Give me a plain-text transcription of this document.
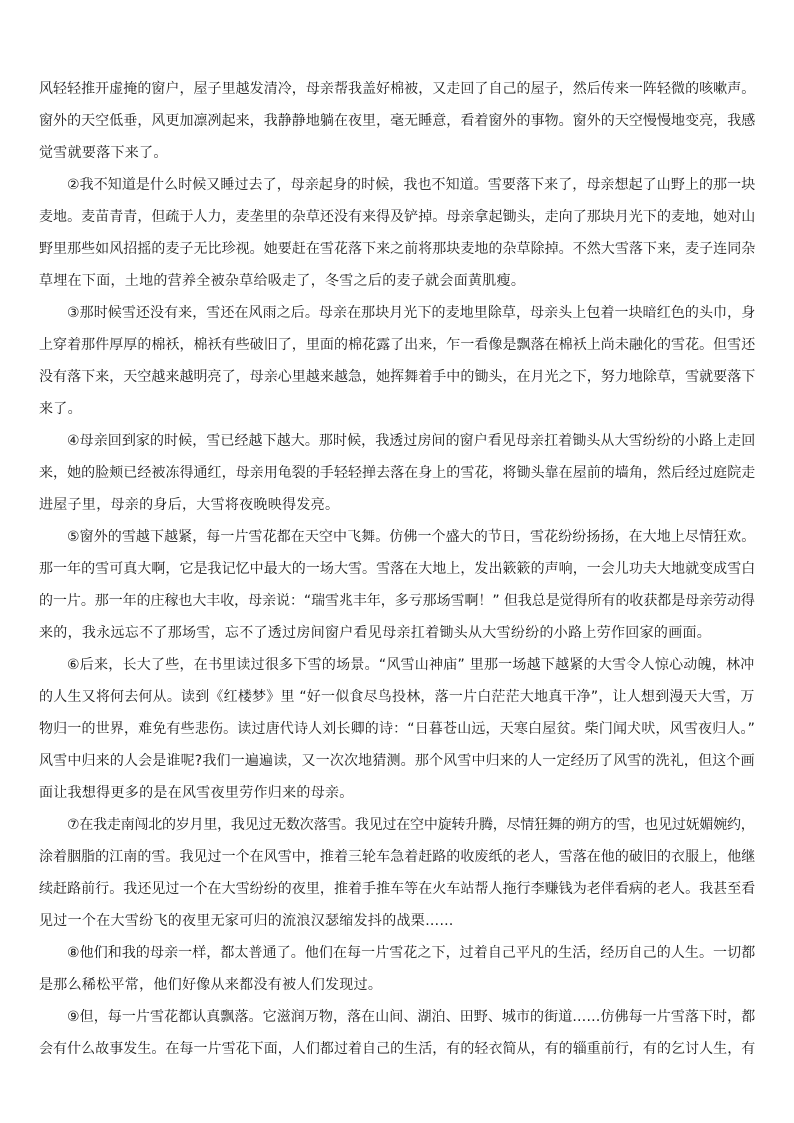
风轻轻推开虚掩的窗户，屋子里越发清冷，母亲帮我盖好棉被，又走回了自己的屋子，然后传来一阵轻微的咳嗽声。
窗外的天空低垂，风更加凛冽起来，我静静地躺在夜里，毫无睡意，看着窗外的事物。窗外的天空慢慢地变亮，我感
觉雪就要落下来了。
②我不知道是什么时候又睡过去了，母亲起身的时候，我也不知道。雪要落下来了，母亲想起了山野上的那一块
麦地。麦苗青青，但疏于人力，麦垄里的杂草还没有来得及铲掉。母亲拿起锄头，走向了那块月光下的麦地，她对山
野里那些如风招摇的麦子无比珍视。她要赶在雪花落下来之前将那块麦地的杂草除掉。不然大雪落下来，麦子连同杂
草埋在下面，土地的营养全被杂草给吸走了，冬雪之后的麦子就会面黄肌瘦。
③那时候雪还没有来，雪还在风雨之后。母亲在那块月光下的麦地里除草，母亲头上包着一块暗红色的头巾，身
上穿着那件厚厚的棉袄，棉袄有些破旧了，里面的棉花露了出来，乍一看像是飘落在棉袄上尚未融化的雪花。但雪还
没有落下来，天空越来越明亮了，母亲心里越来越急，她挥舞着手中的锄头，在月光之下，努力地除草，雪就要落下
来了。
④母亲回到家的时候，雪已经越下越大。那时候，我透过房间的窗户看见母亲扛着锄头从大雪纷纷的小路上走回
来，她的脸颊已经被冻得通红，母亲用龟裂的手轻轻掸去落在身上的雪花，将锄头靠在屋前的墙角，然后经过庭院走
进屋子里，母亲的身后，大雪将夜晚映得发亮。
⑤窗外的雪越下越紧，每一片雪花都在天空中飞舞。仿佛一个盛大的节日，雪花纷纷扬扬，在大地上尽情狂欢。
那一年的雪可真大啊，它是我记忆中最大的一场大雪。雪落在大地上，发出簌簌的声响，一会儿功夫大地就变成雪白
的一片。那一年的庄稼也大丰收，母亲说：“瑞雪兆丰年，多亏那场雪啊！” 但我总是觉得所有的收获都是母亲劳动得
来的，我永远忘不了那场雪，忘不了透过房间窗户看见母亲扛着锄头从大雪纷纷的小路上劳作回家的画面。
⑥后来，长大了些，在书里读过很多下雪的场景。“风雪山神庙” 里那一场越下越紧的大雪令人惊心动魄，林冲
的人生又将何去何从。读到《红楼梦》里 “好一似食尽鸟投林，落一片白茫茫大地真干净”，让人想到漫天大雪，万
物归一的世界，难免有些悲伤。读过唐代诗人刘长卿的诗：“日暮苍山远，天寒白屋贫。柴门闻犬吠，风雪夜归人。”
风雪中归来的人会是谁呢?我们一遍遍读，又一次次地猜测。那个风雪中归来的人一定经历了风雪的洗礼，但这个画
面让我想得更多的是在风雪夜里劳作归来的母亲。
⑦在我走南闯北的岁月里，我见过无数次落雪。我见过在空中旋转升腾，尽情狂舞的朔方的雪，也见过妩媚婉约，
涂着胭脂的江南的雪。我见过一个在风雪中，推着三轮车急着赶路的收废纸的老人，雪落在他的破旧的衣服上，他继
续赶路前行。我还见过一个在大雪纷纷的夜里，推着手推车等在火车站帮人拖行李赚钱为老伴看病的老人。我甚至看
见过一个在大雪纷飞的夜里无家可归的流浪汉瑟缩发抖的战栗……
⑧他们和我的母亲一样，都太普通了。他们在每一片雪花之下，过着自己平凡的生活，经历自己的人生。一切都
是那么稀松平常，他们好像从来都没有被人们发现过。
⑨但，每一片雪花都认真飘落。它滋润万物，落在山间、湖泊、田野、城市的街道……仿佛每一片雪落下时，都
会有什么故事发生。在每一片雪花下面，人们都过着自己的生活，有的轻衣简从，有的辎重前行，有的乞讨人生，有
